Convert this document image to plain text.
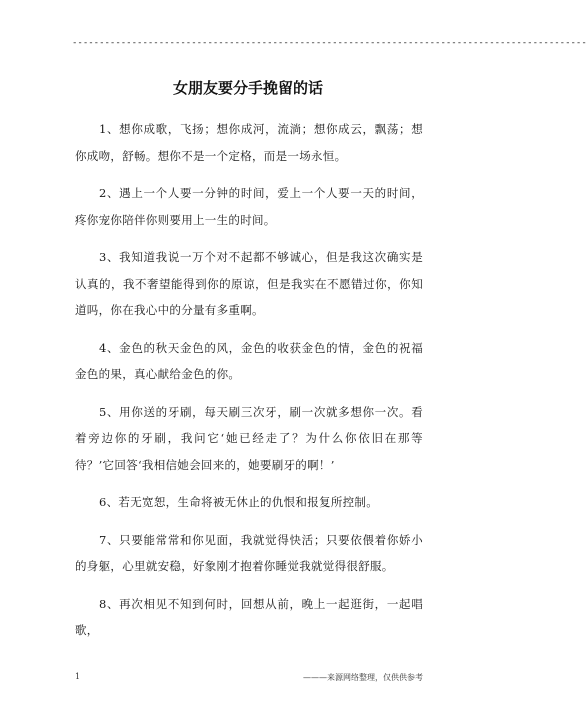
-----------------------------------------------------------------------------------------------
女朋友要分手挽留的话

1、想你成歌，飞扬；想你成河，流淌；想你成云，飘荡；想你成吻，舒畅。想你不是一个定格，而是一场永恒。

2、遇上一个人要一分钟的时间，爱上一个人要一天的时间，疼你宠你陪伴你则要用上一生的时间。

3、我知道我说一万个对不起都不够诚心，但是我这次确实是认真的，我不奢望能得到你的原谅，但是我实在不愿错过你，你知道吗，你在我心中的分量有多重啊。

4、金色的秋天金色的风，金色的收获金色的情，金色的祝福金色的果，真心献给金色的你。

5、用你送的牙刷，每天刷三次牙，刷一次就多想你一次。看着旁边你的牙刷，我问它‘她已经走了？为什么你依旧在那等待？’它回答‘我相信她会回来的，她要刷牙的啊！’

6、若无宽恕，生命将被无休止的仇恨和报复所控制。

7、只要能常常和你见面，我就觉得快活；只要依偎着你娇小的身躯，心里就安稳，好象刚才抱着你睡觉我就觉得很舒服。

8、再次相见不知到何时，回想从前，晚上一起逛街，一起唱歌，

1	———来源网络整理，仅供供参考
